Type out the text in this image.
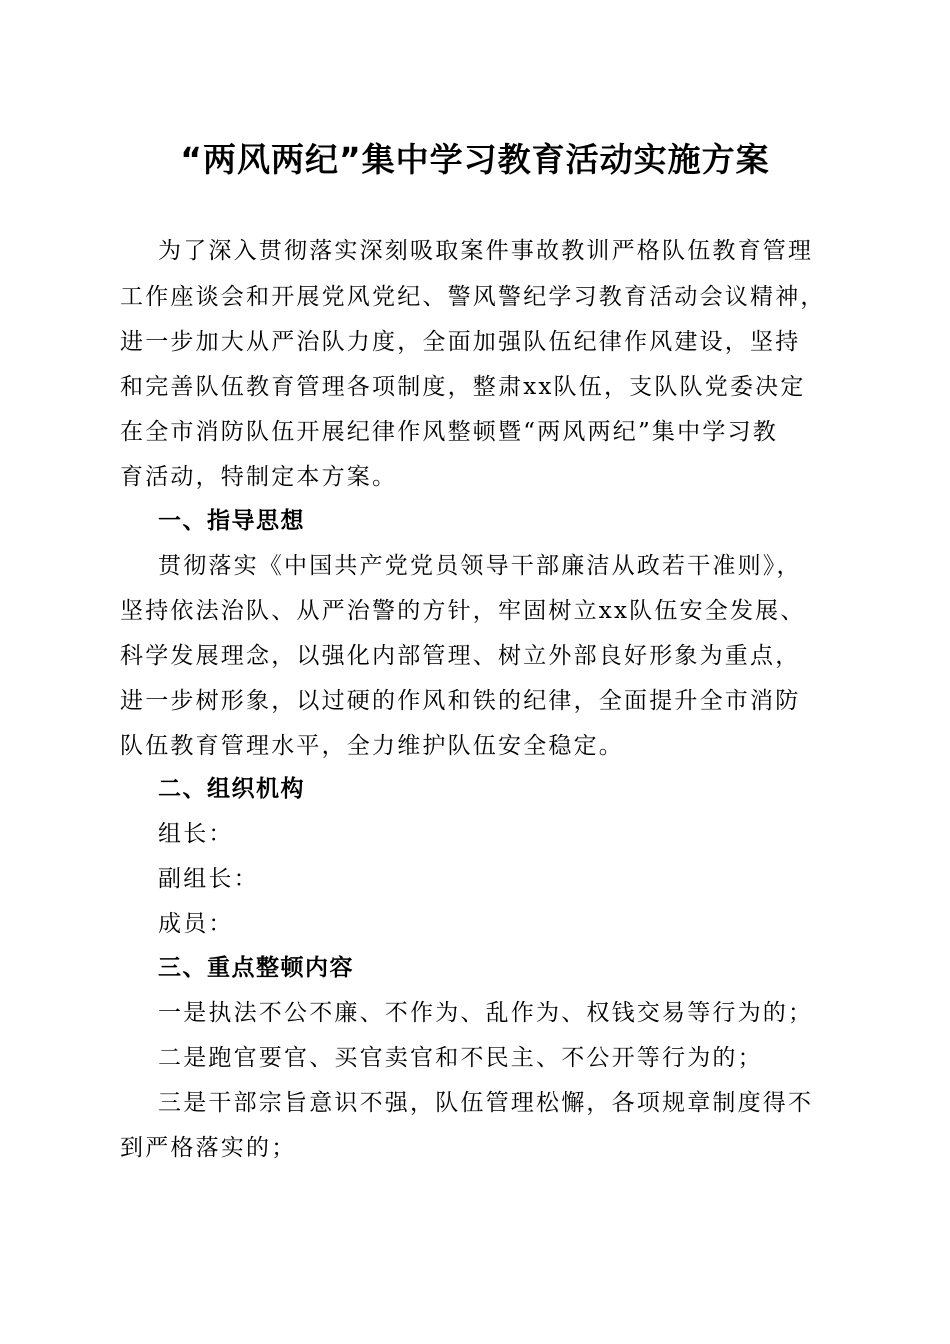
“两风两纪”集中学习教育活动实施方案

为了深入贯彻落实深刻吸取案件事故教训严格队伍教育管理

工作座谈会和开展党风党纪、警风警纪学习教育活动会议精神，

进一步加大从严治队力度，全面加强队伍纪律作风建设，坚持

和完善队伍教育管理各项制度，整肃xx队伍，支队队党委决定

在全市消防队伍开展纪律作风整顿暨“两风两纪”集中学习教

育活动，特制定本方案。

一、指导思想

贯彻落实《中国共产党党员领导干部廉洁从政若干准则》，

坚持依法治队、从严治警的方针，牢固树立xx队伍安全发展、

科学发展理念，以强化内部管理、树立外部良好形象为重点，

进一步树形象，以过硬的作风和铁的纪律，全面提升全市消防

队伍教育管理水平，全力维护队伍安全稳定。

二、组织机构

组长：

副组长：

成员：

三、重点整顿内容

一是执法不公不廉、不作为、乱作为、权钱交易等行为的；

二是跑官要官、买官卖官和不民主、不公开等行为的；

三是干部宗旨意识不强，队伍管理松懈，各项规章制度得不

到严格落实的；
